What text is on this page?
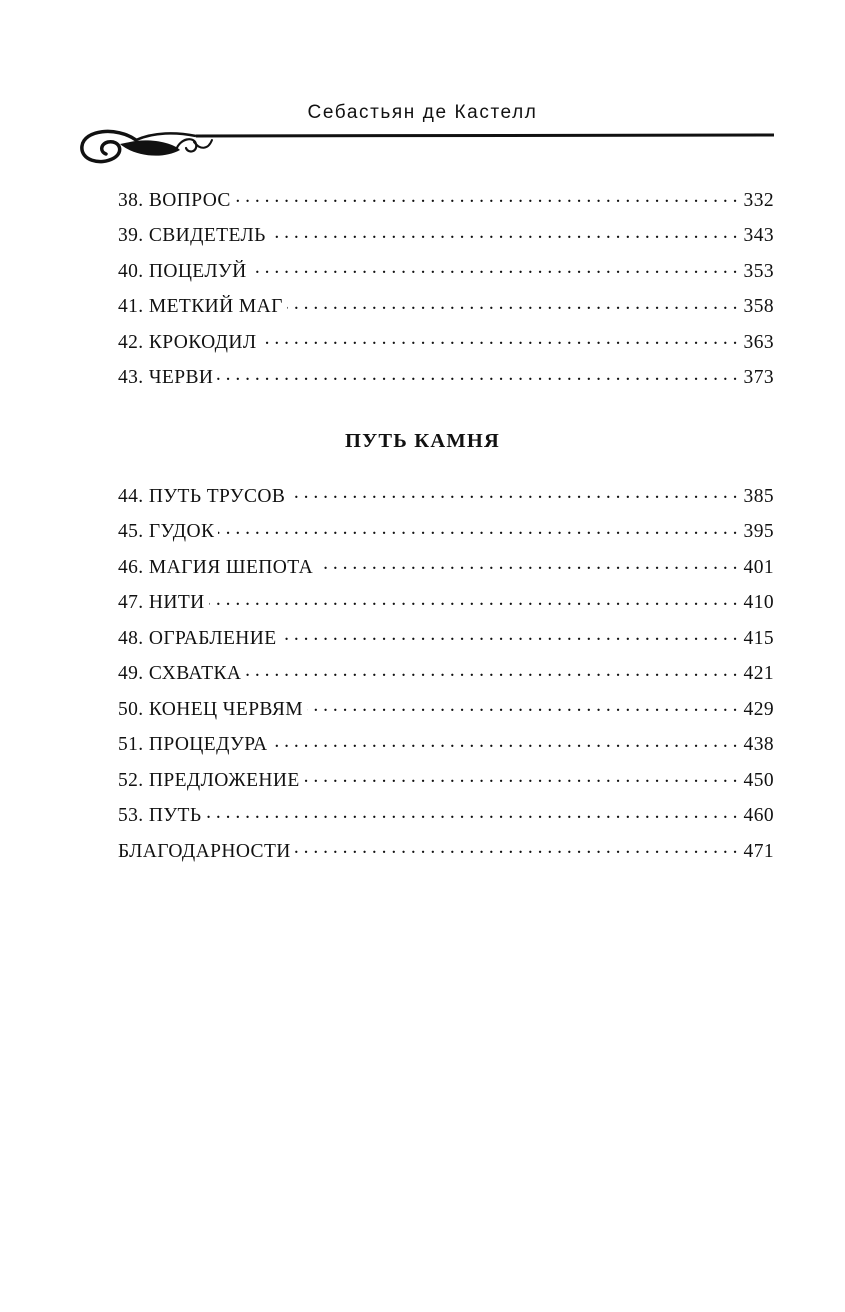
Себастьян де Кастелл
38. ВОПРОС . . .	332
39. СВИДЕТЕЛЬ . . .	343
40. ПОЦЕЛУЙ . . .	353
41. МЕТКИЙ МАГ . . .	358
42. КРОКОДИЛ . . .	363
43. ЧЕРВИ . . .	373
ПУТЬ КАМНЯ
44. ПУТЬ ТРУСОВ . . .	385
45. ГУДОК . . .	395
46. МАГИЯ ШЕПОТА . . .	401
47. НИТИ . . .	410
48. ОГРАБЛЕНИЕ . . .	415
49. СХВАТКА . . .	421
50. КОНЕЦ ЧЕРВЯМ . . .	429
51. ПРОЦЕДУРА . . .	438
52. ПРЕДЛОЖЕНИЕ . . .	450
53. ПУТЬ . . .	460
БЛАГОДАРНОСТИ . . .	471
